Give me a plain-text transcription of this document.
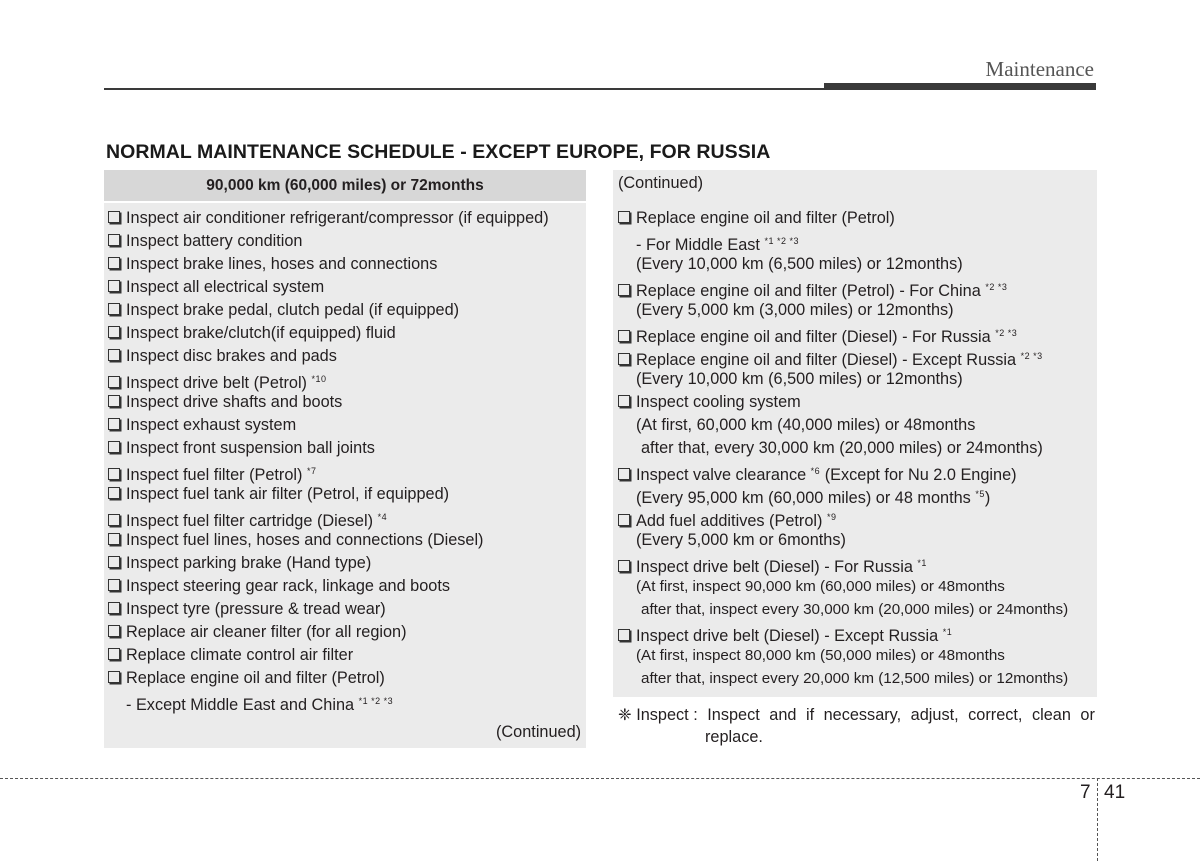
Maintenance
NORMAL MAINTENANCE SCHEDULE - EXCEPT EUROPE, FOR RUSSIA
90,000 km (60,000 miles) or 72months
Inspect air conditioner refrigerant/compressor (if equipped)
Inspect battery condition
Inspect brake lines, hoses and connections
Inspect all electrical system
Inspect brake pedal, clutch pedal (if equipped)
Inspect brake/clutch(if equipped) fluid
Inspect disc brakes and pads
Inspect drive belt (Petrol) $^{*10}$
Inspect drive shafts and boots
Inspect exhaust system
Inspect front suspension ball joints
Inspect fuel filter (Petrol) $^{*7}$
Inspect fuel tank air filter (Petrol, if equipped)
Inspect fuel filter cartridge (Diesel) $^{*4}$
Inspect fuel lines, hoses and connections (Diesel)
Inspect parking brake (Hand type)
Inspect steering gear rack, linkage and boots
Inspect tyre (pressure & tread wear)
Replace air cleaner filter (for all region)
Replace climate control air filter
Replace engine oil and filter (Petrol)
- Except Middle East and China $^{*1 *2 *3}$
(Continued)
(Continued)
Replace engine oil and filter (Petrol)
- For Middle East $^{*1 *2 *3}$
(Every 10,000 km (6,500 miles) or 12months)
Replace engine oil and filter (Petrol) - For China $^{*2 *3}$
(Every 5,000 km (3,000 miles) or 12months)
Replace engine oil and filter (Diesel) - For Russia $^{*2 *3}$
Replace engine oil and filter (Diesel) - Except Russia $^{*2 *3}$
(Every 10,000 km (6,500 miles) or 12months)
Inspect cooling system
(At first, 60,000 km (40,000 miles) or 48months
after that, every 30,000 km (20,000 miles) or 24months)
Inspect valve clearance $^{*6}$ (Except for Nu 2.0 Engine)
(Every 95,000 km (60,000 miles) or 48 months $^{*5}$)
Add fuel additives (Petrol) $^{*9}$
(Every 5,000 km or 6months)
Inspect drive belt (Diesel) - For Russia $^{*1}$
(At first, inspect 90,000 km (60,000 miles) or 48months
after that, inspect every 30,000 km (20,000 miles) or 24months)
Inspect drive belt (Diesel) - Except Russia $^{*1}$
(At first, inspect 80,000 km (50,000 miles) or 48months
after that, inspect every 20,000 km (12,500 miles) or 12months)
❈ Inspect : Inspect and if necessary, adjust, correct, clean or
replace.
7 41
